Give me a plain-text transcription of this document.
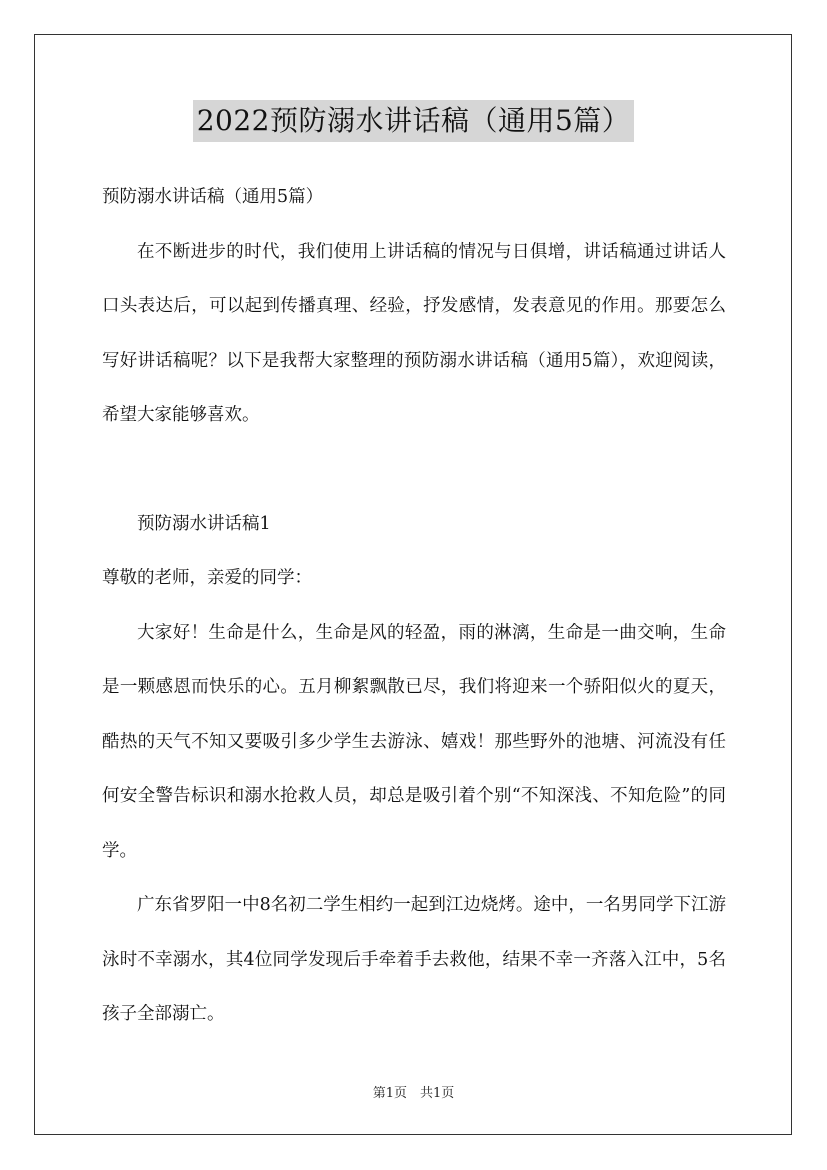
2022预防溺水讲话稿（通用5篇）

预防溺水讲话稿（通用5篇）

在不断进步的时代，我们使用上讲话稿的情况与日俱增，讲话稿通过讲话人口头表达后，可以起到传播真理、经验，抒发感情，发表意见的作用。那要怎么写好讲话稿呢？以下是我帮大家整理的预防溺水讲话稿（通用5篇），欢迎阅读，希望大家能够喜欢。

预防溺水讲话稿1

尊敬的老师，亲爱的同学：

大家好！生命是什么，生命是风的轻盈，雨的淋漓，生命是一曲交响，生命是一颗感恩而快乐的心。五月柳絮飘散已尽，我们将迎来一个骄阳似火的夏天，酷热的天气不知又要吸引多少学生去游泳、嬉戏！那些野外的池塘、河流没有任何安全警告标识和溺水抢救人员，却总是吸引着个别“不知深浅、不知危险”的同学。

广东省罗阳一中8名初二学生相约一起到江边烧烤。途中，一名男同学下江游泳时不幸溺水，其4位同学发现后手牵着手去救他，结果不幸一齐落入江中，5名孩子全部溺亡。

第1页　共1页
